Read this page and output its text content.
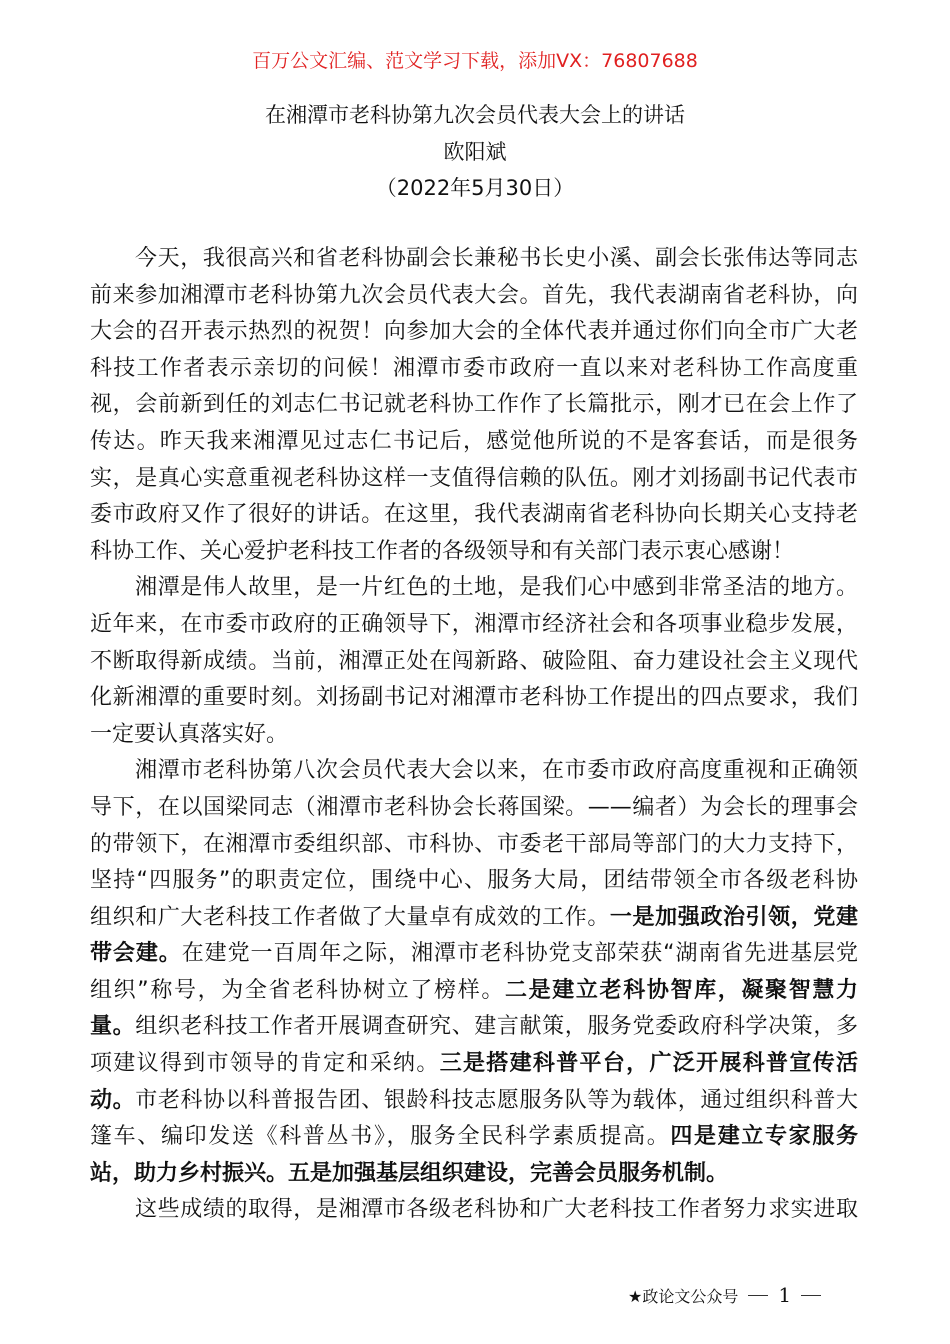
百万公文汇编、范文学习下载，添加VX：76807688
在湘潭市老科协第九次会员代表大会上的讲话
欧阳斌
（2022年5月30日）
今天，我很高兴和省老科协副会长兼秘书长史小溪、副会长张伟达等同志
前来参加湘潭市老科协第九次会员代表大会。首先，我代表湖南省老科协，向
大会的召开表示热烈的祝贺！向参加大会的全体代表并通过你们向全市广大老
科技工作者表示亲切的问候！湘潭市委市政府一直以来对老科协工作高度重
视，会前新到任的刘志仁书记就老科协工作作了长篇批示，刚才已在会上作了
传达。昨天我来湘潭见过志仁书记后，感觉他所说的不是客套话，而是很务
实，是真心实意重视老科协这样一支值得信赖的队伍。刚才刘扬副书记代表市
委市政府又作了很好的讲话。在这里，我代表湖南省老科协向长期关心支持老
科协工作、关心爱护老科技工作者的各级领导和有关部门表示衷心感谢！
湘潭是伟人故里，是一片红色的土地，是我们心中感到非常圣洁的地方。
近年来，在市委市政府的正确领导下，湘潭市经济社会和各项事业稳步发展，
不断取得新成绩。当前，湘潭正处在闯新路、破险阻、奋力建设社会主义现代
化新湘潭的重要时刻。刘扬副书记对湘潭市老科协工作提出的四点要求，我们
一定要认真落实好。
湘潭市老科协第八次会员代表大会以来，在市委市政府高度重视和正确领
导下，在以国梁同志（湘潭市老科协会长蒋国梁。——编者）为会长的理事会
的带领下，在湘潭市委组织部、市科协、市委老干部局等部门的大力支持下，
坚持“四服务”的职责定位，围绕中心、服务大局，团结带领全市各级老科协
组织和广大老科技工作者做了大量卓有成效的工作。一是加强政治引领，党建
带会建。在建党一百周年之际，湘潭市老科协党支部荣获“湖南省先进基层党
组织”称号，为全省老科协树立了榜样。二是建立老科协智库，凝聚智慧力
量。组织老科技工作者开展调查研究、建言献策，服务党委政府科学决策，多
项建议得到市领导的肯定和采纳。三是搭建科普平台，广泛开展科普宣传活
动。市老科协以科普报告团、银龄科技志愿服务队等为载体，通过组织科普大
篷车、编印发送《科普丛书》，服务全民科学素质提高。四是建立专家服务
站，助力乡村振兴。五是加强基层组织建设，完善会员服务机制。
这些成绩的取得，是湘潭市各级老科协和广大老科技工作者努力求实进取
★政论文公众号 1
